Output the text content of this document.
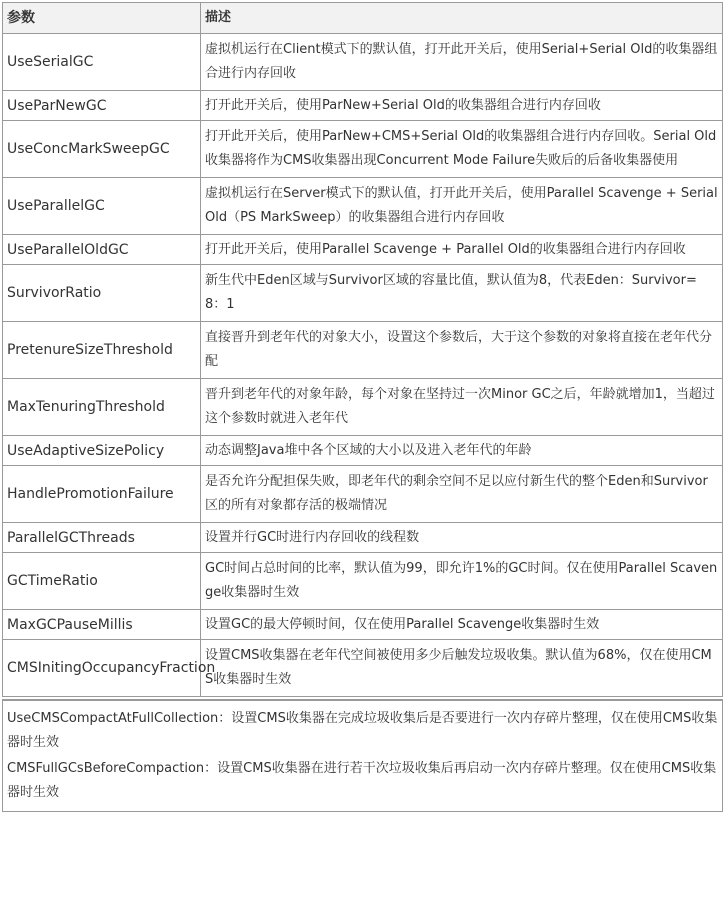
参数	描述
UseSerialGC	虚拟机运行在Client模式下的默认值，打开此开关后，使用Serial+Serial Old的收集器组合进行内存回收
UseParNewGC	打开此开关后，使用ParNew+Serial Old的收集器组合进行内存回收
UseConcMarkSweepGC	打开此开关后，使用ParNew+CMS+Serial Old的收集器组合进行内存回收。Serial Old收集器将作为CMS收集器出现Concurrent Mode Failure失败后的后备收集器使用
UseParallelGC	虚拟机运行在Server模式下的默认值，打开此开关后，使用Parallel Scavenge + Serial Old（PS MarkSweep）的收集器组合进行内存回收
UseParallelOldGC	打开此开关后，使用Parallel Scavenge + Parallel Old的收集器组合进行内存回收
SurvivorRatio	新生代中Eden区域与Survivor区域的容量比值，默认值为8，代表Eden：Survivor=8：1
PretenureSizeThreshold	直接晋升到老年代的对象大小，设置这个参数后，大于这个参数的对象将直接在老年代分配
MaxTenuringThreshold	晋升到老年代的对象年龄，每个对象在坚持过一次Minor GC之后，年龄就增加1，当超过这个参数时就进入老年代
UseAdaptiveSizePolicy	动态调整Java堆中各个区域的大小以及进入老年代的年龄
HandlePromotionFailure	是否允许分配担保失败，即老年代的剩余空间不足以应付新生代的整个Eden和Survivor区的所有对象都存活的极端情况
ParallelGCThreads	设置并行GC时进行内存回收的线程数
GCTimeRatio	GC时间占总时间的比率，默认值为99，即允许1%的GC时间。仅在使用Parallel Scavenge收集器时生效
MaxGCPauseMillis	设置GC的最大停顿时间，仅在使用Parallel Scavenge收集器时生效
CMSInitingOccupancyFraction	设置CMS收集器在老年代空间被使用多少后触发垃圾收集。默认值为68%，仅在使用CMS收集器时生效

UseCMSCompactAtFullCollection：设置CMS收集器在完成垃圾收集后是否要进行一次内存碎片整理，仅在使用CMS收集器时生效

CMSFullGCsBeforeCompaction：设置CMS收集器在进行若干次垃圾收集后再启动一次内存碎片整理。仅在使用CMS收集器时生效
